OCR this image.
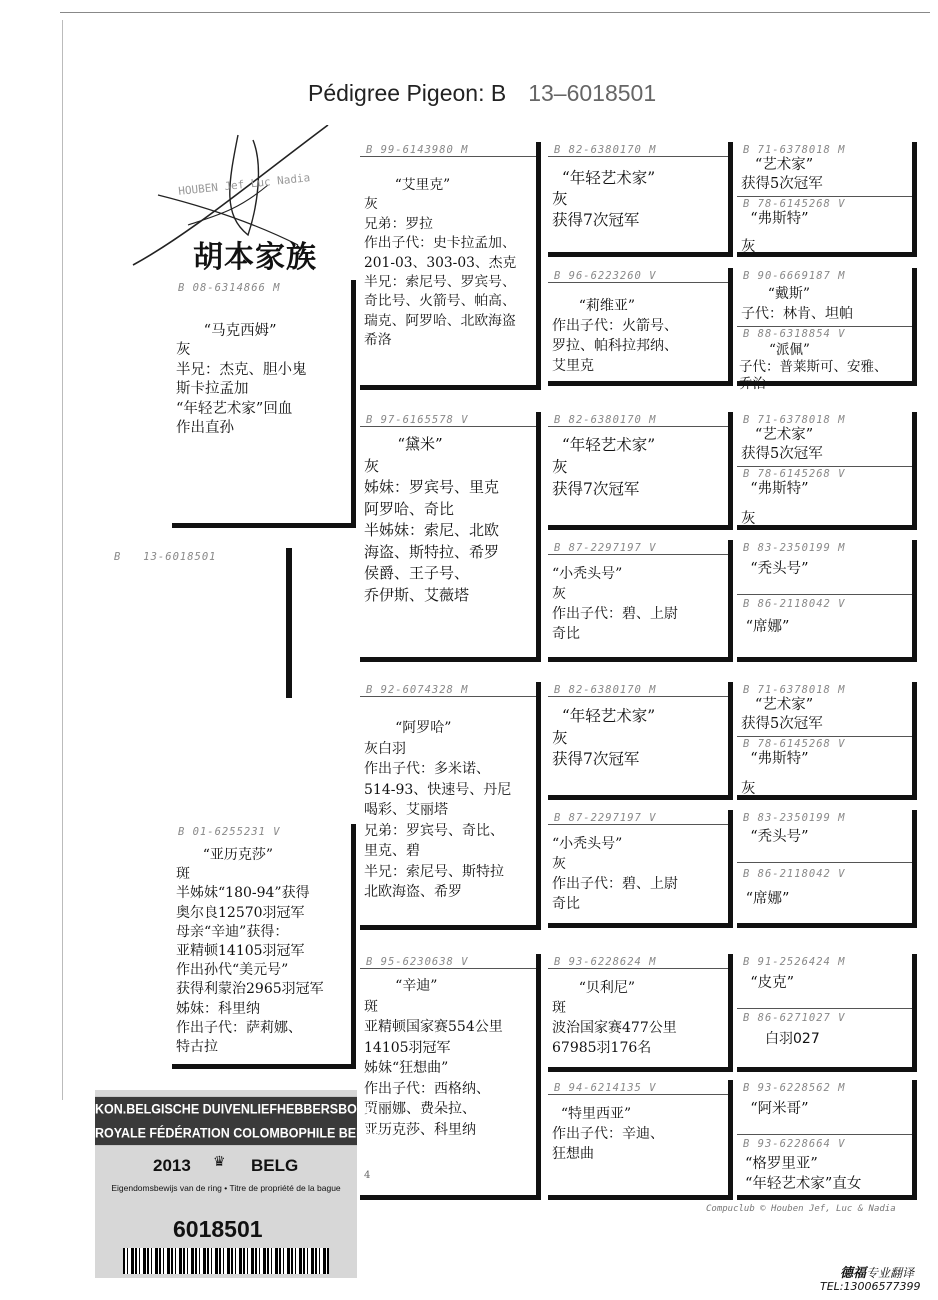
Pédigree Pigeon: B 13–6018501
HOUBEN Jef Luc Nadia
胡本家族
B   13-6018501
B 08-6314866 M
“马克西姆”
灰
半兄：杰克、胆小鬼
斯卡拉孟加
“年轻艺术家”回血
作出直孙
B 01-6255231 V
“亚历克莎”
斑
半姊妹“180-94”获得
奥尔良12570羽冠军
母亲“辛迪”获得：
亚精顿14105羽冠军
作出孙代“美元号”
获得利蒙治2965羽冠军
姊妹：科里纳
作出子代：萨莉娜、
特古拉
B 99-6143980 M
“艾里克”
灰
兄弟：罗拉
作出子代：史卡拉孟加、
201-03、303-03、杰克
半兄：索尼号、罗宾号、
奇比号、火箭号、帕高、
瑞克、阿罗哈、北欧海盗
希洛
B 97-6165578 V
“黛米”
灰
姊妹：罗宾号、里克
阿罗哈、奇比
半姊妹：索尼、北欧
海盗、斯特拉、希罗
侯爵、王子号、
乔伊斯、艾薇塔
B 92-6074328 M
“阿罗哈”
灰白羽
作出子代：多米诺、
514-93、快速号、丹尼
喝彩、艾丽塔
兄弟：罗宾号、奇比、
里克、碧
半兄：索尼号、斯特拉
北欧海盗、希罗
B 95-6230638 V
“辛迪”
斑
亚精顿国家赛554公里
14105羽冠军
姊妹“狂想曲”
作出子代：西格纳、
贾丽娜、费朵拉、
亚历克莎、科里纳
B 82-6380170 M
“年轻艺术家”
灰
获得7次冠军
B 96-6223260 V
“莉维亚”
作出子代：火箭号、
罗拉、帕科拉邦纳、
艾里克
B 82-6380170 M
“年轻艺术家”
灰
获得7次冠军
B 87-2297197 V
“小秃头号”
灰
作出子代：碧、上尉
奇比
B 82-6380170 M
“年轻艺术家”
灰
获得7次冠军
B 87-2297197 V
“小秃头号”
灰
作出子代：碧、上尉
奇比
B 93-6228624 M
“贝利尼”
斑
波治国家赛477公里
67985羽176名
B 94-6214135 V
“特里西亚”
作出子代：辛迪、
狂想曲
B 71-6378018 M
“艺术家”
获得5次冠军
B 78-6145268 V
“弗斯特”

灰
B 90-6669187 M
“戴斯”
子代：林肯、坦帕
B 88-6318854 V
“派佩”
子代：普莱斯可、安雅、
乔治
B 71-6378018 M
“艺术家”
获得5次冠军
B 78-6145268 V
“弗斯特”

灰
B 83-2350199 M
“秃头号”
B 86-2118042 V
“席娜”
B 71-6378018 M
“艺术家”
获得5次冠军
B 78-6145268 V
“弗斯特”

灰
B 83-2350199 M
“秃头号”
B 86-2118042 V
“席娜”
B 91-2526424 M
“皮克”
B 86-6271027 V
白羽027
B 93-6228562 M
“阿米哥”
B 93-6228664 V
“格罗里亚”
“年轻艺术家”直女
KON.BELGISCHE DUIVENLIEFHEBBERSBOND
ROYALE FÉDÉRATION COLOMBOPHILE BELGE
2013 ♛ BELG
Eigendomsbewijs van de ring • Titre de propriété de la bague
6018501
4
Compuclub © Houben Jef, Luc & Nadia
德福专业翻译
TEL:13006577399
